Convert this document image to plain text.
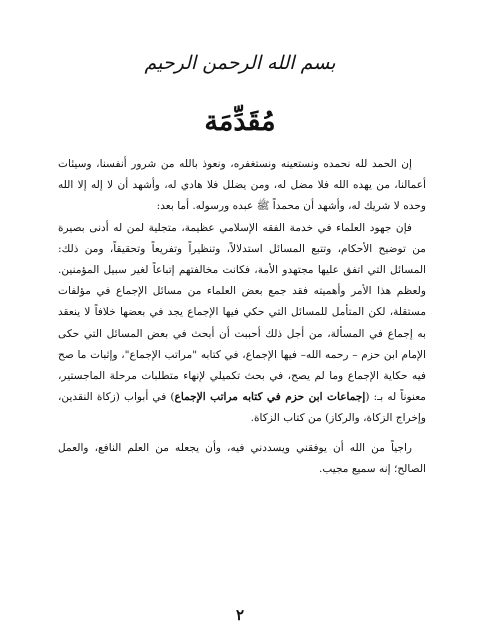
بسم الله الرحمن الرحيم
مُقَدِّمَة

إن الحمد لله نحمده ونستعينه ونستغفره، ونعوذ بالله من شرور أنفسنا، وسيئات أعمالنا، من يهده الله فلا مضل له، ومن يضلل فلا هادي له، وأشهد أن لا إله إلا الله وحده لا شريك له، وأشهد أن محمداً ﷺ عبده ورسوله. أما بعد:

فإن جهود العلماء في خدمة الفقه الإسلامي عظيمة، متجلية لمن له أدنى بصيرة من توضيح الأحكام، وتتبع المسائل استدلالاً، وتنظيراً وتفريعاً وتحقيقاً، ومن ذلك: المسائل التي اتفق عليها مجتهدو الأمة، فكانت مخالفتهم إتباعاً لغير سبيل المؤمنين. ولعظم هذا الأمر وأهميته فقد جمع بعض العلماء من مسائل الإجماع في مؤلفات مستقلة، لكن المتأمل للمسائل التي حكي فيها الإجماع يجد في بعضها خلافاً لا ينعقد به إجماع في المسألة، من أجل ذلك أحببت أن أبحث في بعض المسائل التي حكى الإمام ابن حزم – رحمه الله– فيها الإجماع، في كتابه "مراتب الإجماع"، وإثبات ما صح فيه حكاية الإجماع وما لم يصح، في بحث تكميلي لإنهاء متطلبات مرحلة الماجستير، معنوناً له بـ: (إجماعات ابن حزم في كتابه مراتب الإجماع) في أبواب (زكاة النقدين، وإخراج الزكاة، والركاز) من كتاب الزكاة.

راجياً من الله أن يوفقني ويسددني فيه، وأن يجعله من العلم النافع، والعمل الصالح؛ إنه سميع مجيب.

٢
